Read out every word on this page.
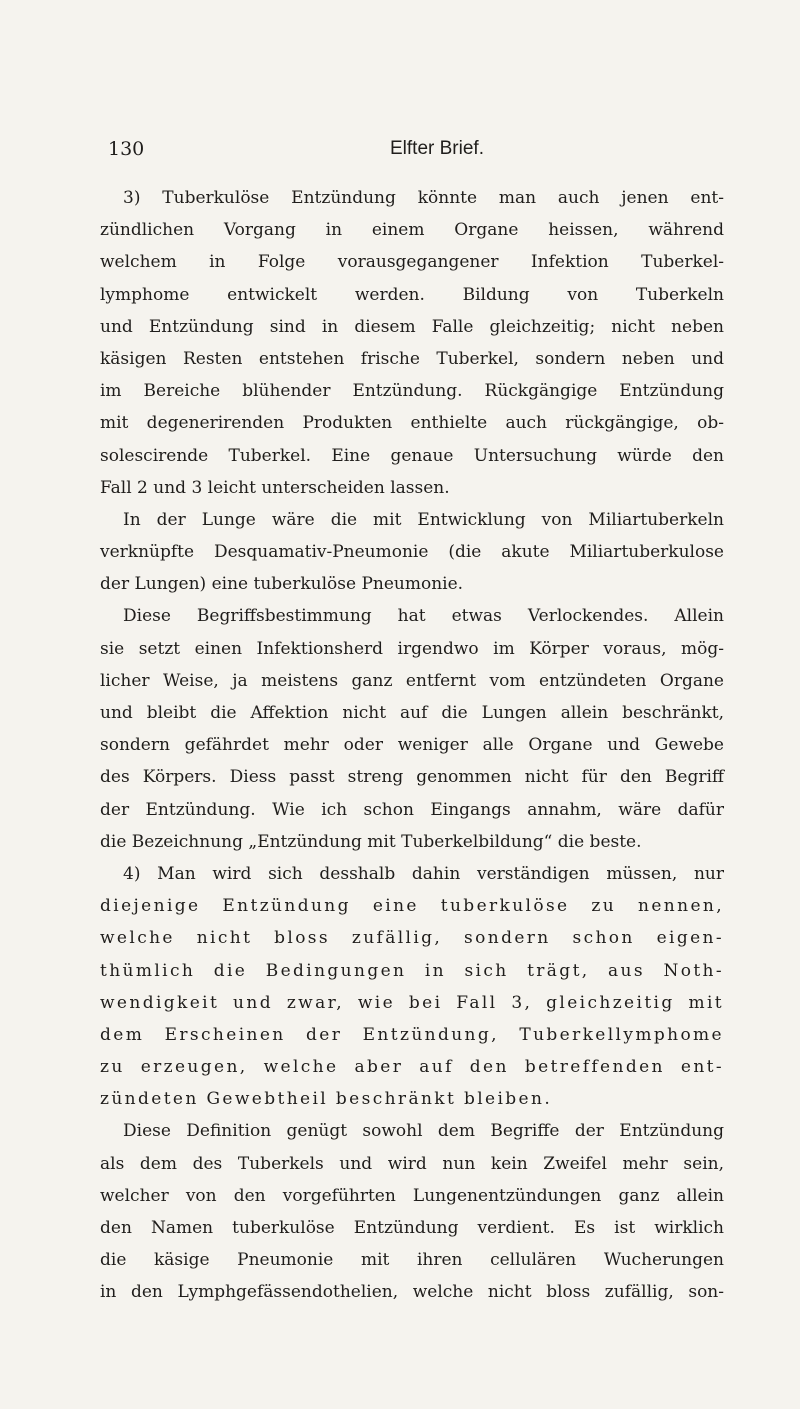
130	Elfter Brief.
3) Tuberkulöse Entzündung könnte man auch jenen ent-
zündlichen Vorgang in einem Organe heissen, während
welchem in Folge vorausgegangener Infektion Tuberkel-
lymphome entwickelt werden. Bildung von Tuberkeln
und Entzündung sind in diesem Falle gleichzeitig; nicht neben
käsigen Resten entstehen frische Tuberkel, sondern neben und
im Bereiche blühender Entzündung. Rückgängige Entzündung
mit degenerirenden Produkten enthielte auch rückgängige, ob-
solescirende Tuberkel. Eine genaue Untersuchung würde den
Fall 2 und 3 leicht unterscheiden lassen.
In der Lunge wäre die mit Entwicklung von Miliartuberkeln
verknüpfte Desquamativ-Pneumonie (die akute Miliartuberkulose
der Lungen) eine tuberkulöse Pneumonie.
Diese Begriffsbestimmung hat etwas Verlockendes. Allein
sie setzt einen Infektionsherd irgendwo im Körper voraus, mög-
licher Weise, ja meistens ganz entfernt vom entzündeten Organe
und bleibt die Affektion nicht auf die Lungen allein beschränkt,
sondern gefährdet mehr oder weniger alle Organe und Gewebe
des Körpers. Diess passt streng genommen nicht für den Begriff
der Entzündung. Wie ich schon Eingangs annahm, wäre dafür
die Bezeichnung „Entzündung mit Tuberkelbildung“ die beste.
4) Man wird sich desshalb dahin verständigen müssen, nur
diejenige Entzündung eine tuberkulöse zu nennen,
welche nicht bloss zufällig, sondern schon eigen-
thümlich die Bedingungen in sich trägt, aus Noth-
wendigkeit und zwar, wie bei Fall 3, gleichzeitig mit
dem Erscheinen der Entzündung, Tuberkellymphome
zu erzeugen, welche aber auf den betreffenden ent-
zündeten Gewebtheil beschränkt bleiben.
Diese Definition genügt sowohl dem Begriffe der Entzündung
als dem des Tuberkels und wird nun kein Zweifel mehr sein,
welcher von den vorgeführten Lungenentzündungen ganz allein
den Namen tuberkulöse Entzündung verdient. Es ist wirklich
die käsige Pneumonie mit ihren cellulären Wucherungen
in den Lymphgefässendothelien, welche nicht bloss zufällig, son-
